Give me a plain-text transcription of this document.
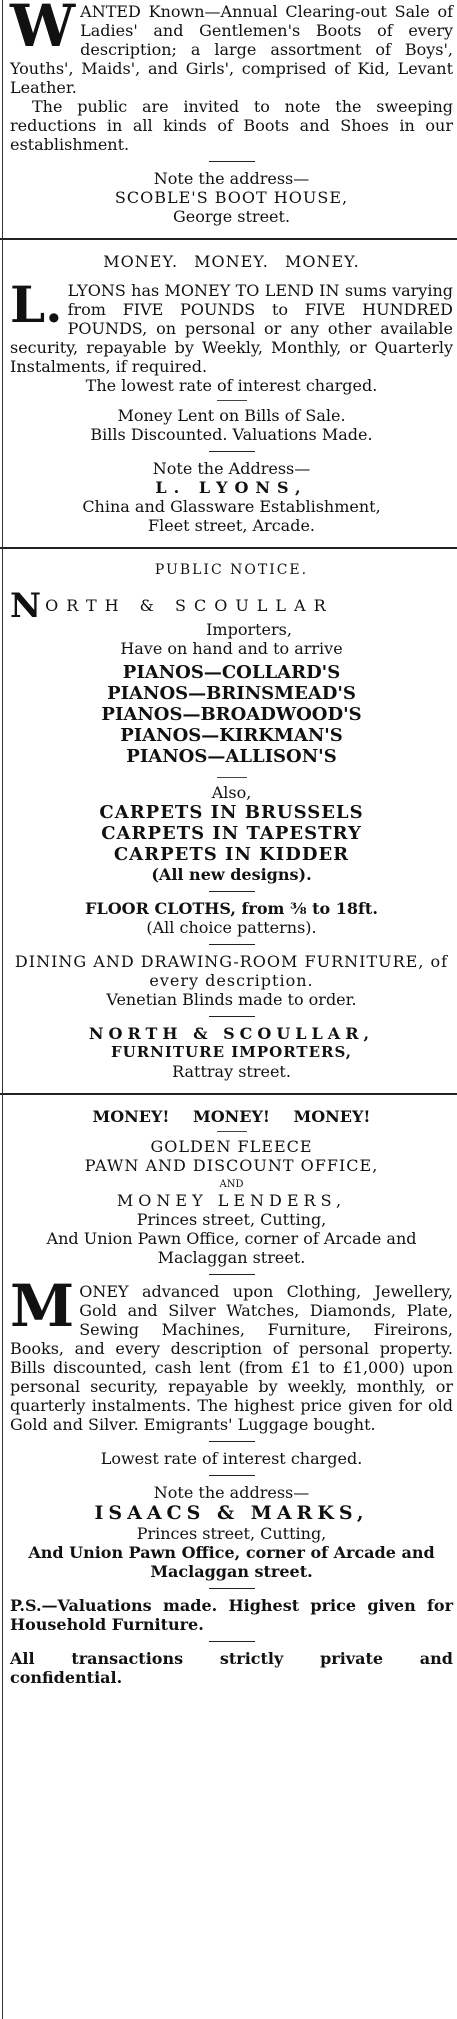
WANTED Known—Annual Clearing-out Sale of Ladies' and Gentlemen's Boots of every description; a large assortment of Boys', Youths', Maids', and Girls', comprised of Kid, Levant Leather.

The public are invited to note the sweeping reductions in all kinds of Boots and Shoes in our establishment.

Note the address—
SCOBLE'S BOOT HOUSE,
George street.
MONEY. MONEY. MONEY.

L. LYONS has MONEY TO LEND IN sums varying from FIVE POUNDS to FIVE HUNDRED POUNDS, on personal or any other available security, repayable by Weekly, Monthly, or Quarterly Instalments, if required.

The lowest rate of interest charged.
Money Lent on Bills of Sale.
Bills Discounted. Valuations Made.
Note the Address—
L. LYONS,
China and Glassware Establishment,
Fleet street, Arcade.
PUBLIC NOTICE.
N ORTH & SCOULLAR
Importers,
Have on hand and to arrive
PIANOS—COLLARD'S
PIANOS—BRINSMEAD'S
PIANOS—BROADWOOD'S
PIANOS—KIRKMAN'S
PIANOS—ALLISON'S
Also,
CARPETS IN BRUSSELS
CARPETS IN TAPESTRY
CARPETS IN KIDDER
(All new designs).
FLOOR CLOTHS, from ⅜ to 18ft.
(All choice patterns).
DINING AND DRAWING-ROOM FURNITURE, of every description.
Venetian Blinds made to order.
NORTH & SCOULLAR,
FURNITURE IMPORTERS,
Rattray street.
MONEY! MONEY! MONEY!
GOLDEN FLEECE
PAWN AND DISCOUNT OFFICE,
AND
MONEY LENDERS,
Princes street, Cutting,
And Union Pawn Office, corner of Arcade and Maclaggan street.

MONEY advanced upon Clothing, Jewellery, Gold and Silver Watches, Diamonds, Plate, Sewing Machines, Furniture, Fireirons, Books, and every description of personal property. Bills discounted, cash lent (from £1 to £1,000) upon personal security, repayable by weekly, monthly, or quarterly instalments. The highest price given for old Gold and Silver. Emigrants' Luggage bought.

Lowest rate of interest charged.
Note the address—
ISAACS & MARKS,
Princes street, Cutting,
And Union Pawn Office, corner of Arcade and Maclaggan street.

P.S.—Valuations made. Highest price given for Household Furniture.

All transactions strictly private and confidential.
